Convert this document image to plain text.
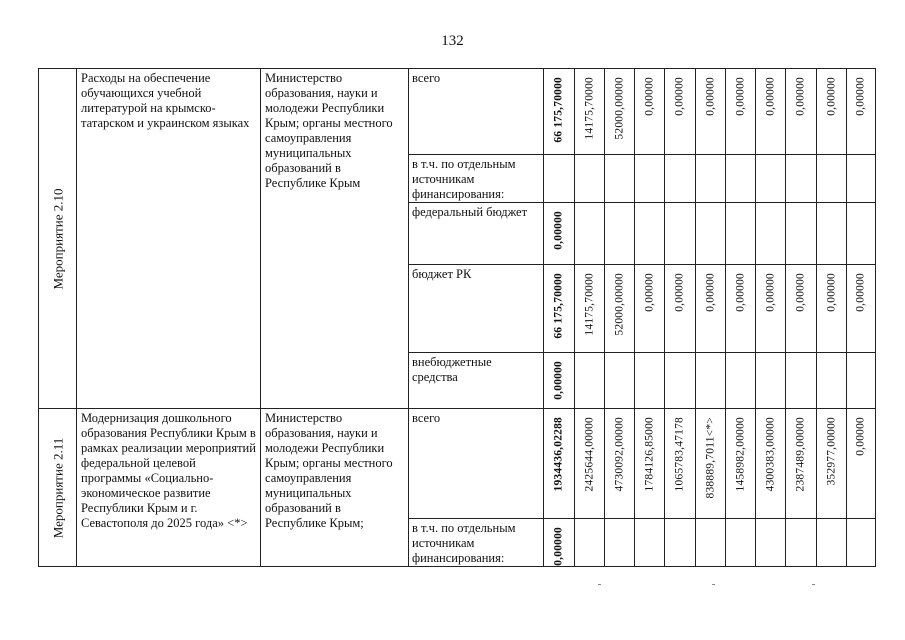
132
Мероприятие 2.10	Расходы на обеспечение обучающихся учебной литературой на крымско-татарском и украинском языках	Министерство образования, науки и молодежи Республики Крым; органы местного самоуправления муниципальных образований в Республике Крым	всего	66 175,70000	14175,70000	52000,00000	0,00000	0,00000	0,00000	0,00000	0,00000	0,00000	0,00000	0,00000

			в т.ч. по отдельным источникам финансирования:	

			федеральный бюджет	0,00000										

			бюджет РК	66 175,70000	14175,70000	52000,00000	0,00000	0,00000	0,00000	0,00000	0,00000	0,00000	0,00000	0,00000

			внебюджетные средства	0,00000										

Мероприятие 2.11	Модернизация дошкольного образования Республики Крым в рамках реализации мероприятий федеральной целевой программы «Социально-экономическое развитие Республики Крым и г. Севастополя до 2025 года» <*>	Министерство образования, науки и молодежи Республики Крым; органы местного самоуправления муниципальных образований в Республике Крым;	всего	1934436,02288	2425644,00000	4730092,00000	1784126,85000	1065783,47178	838889,7011<*>	1458982,00000	4300383,00000	2387489,00000	352977,00000	0,00000

			в т.ч. по отдельным источникам финансирования:	0,00000										
